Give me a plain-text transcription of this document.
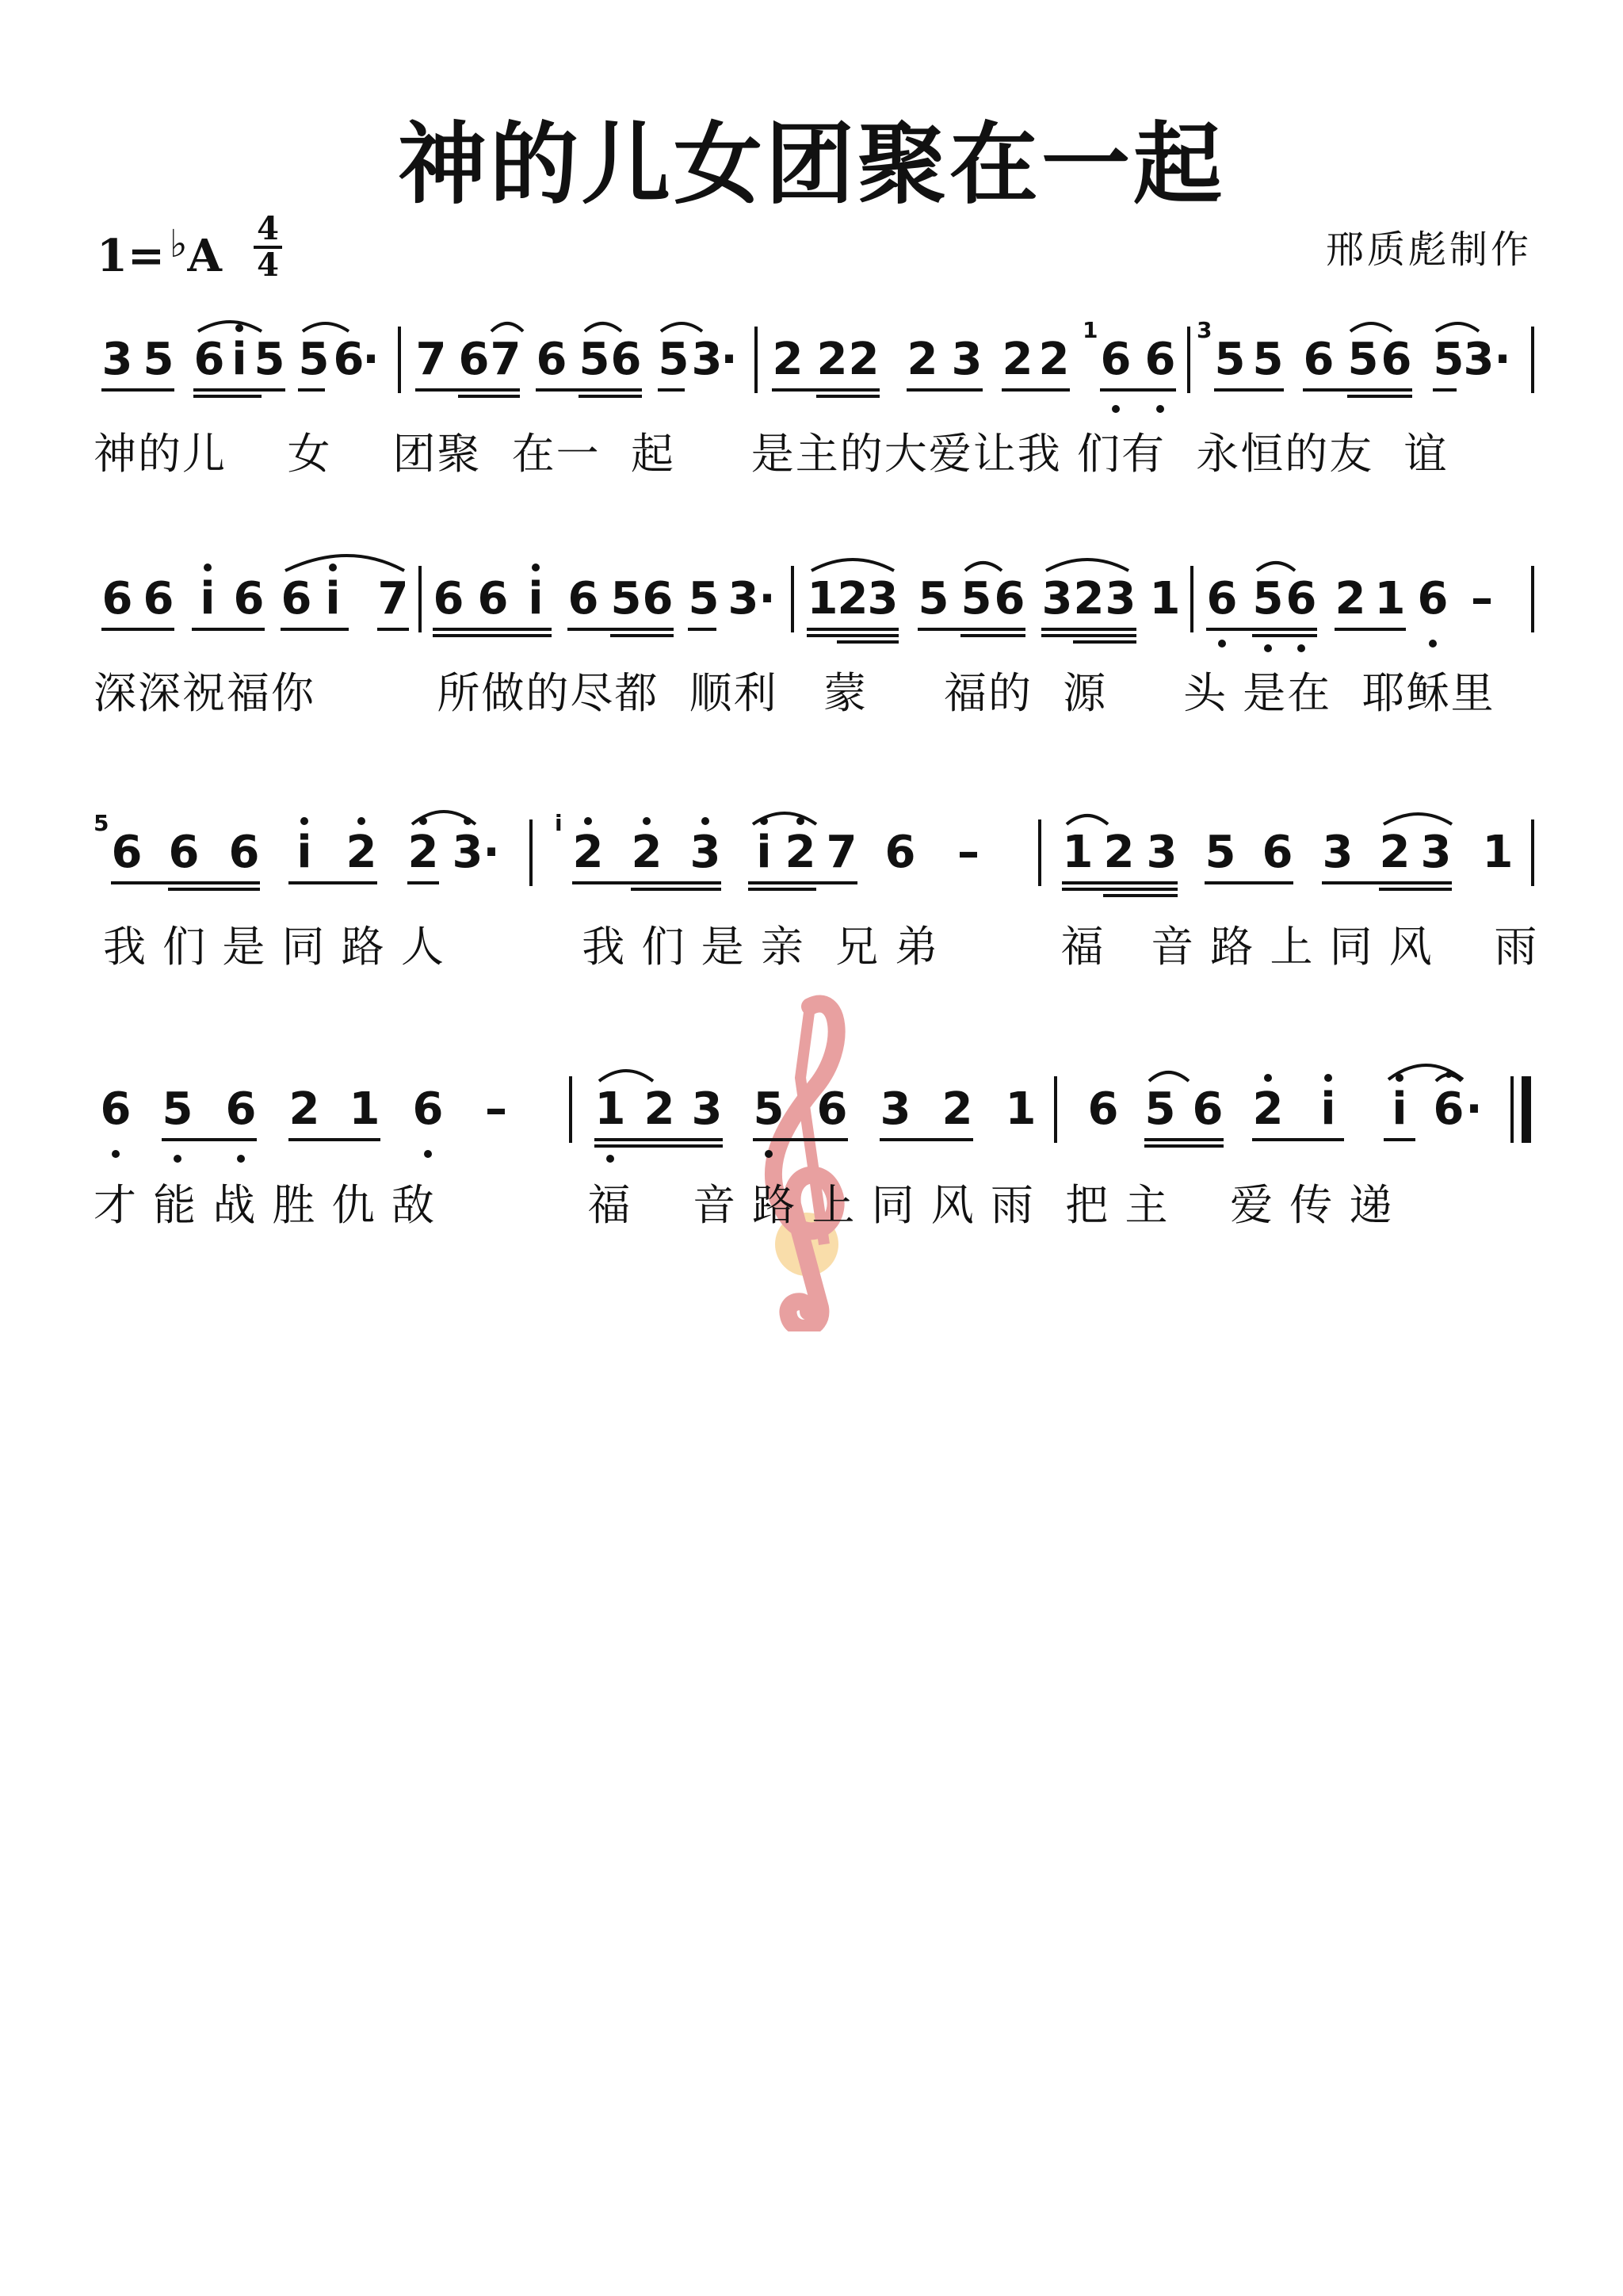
神的儿女团聚在一起
1= ♭A
4
4	邢质彪制作
3 5 6 i 5 5 6
· 7 6 7 6 5 6 5 3
· 2 2 2 2 3 2 2
1
6 6
3
5 5 6 5 6 5 3 ·
神的儿    女    团聚  在一  起     是主的大爱让我 们有  永恒的友  谊
6 6 i 6 6 i 7 6 6 i 6 5 6 5 3 · 1 2 3 5 5 6 3 2 3 1 6 5 6 2 1 6 –
深深祝福你        所做的尽都  顺利   蒙     福的  源     头 是在  耶稣里
5
6 6 6 i 2 2 3 ·
i
2 2 3 i 2 7 6 – 1 2 3 5 6 3 2 3 1
我 们 是 同 路 人         我 们 是 亲  兄 弟        福   音 路 上 同 风    雨
6 5 6 2 1 6 – 1 2 3 5 6 3 2 1 6 5 6 2 i i 6 ·
才 能 战 胜 仇 敌          福    音 路 上 同 风 雨  把 主    爱 传 递
